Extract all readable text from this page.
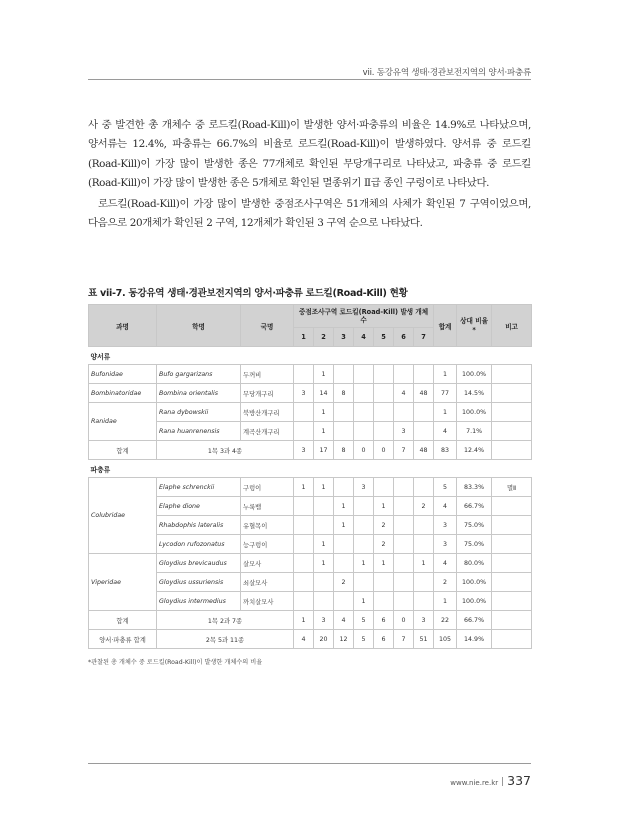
vii. 동강유역 생태·경관보전지역의 양서·파충류

사 중 발견한 총 개체수 중 로드킬(Road-Kill)이 발생한 양서·파충류의 비율은 14.9%로 나타났으며, 양서류는 12.4%, 파충류는 66.7%의 비율로 로드킬(Road-Kill)이 발생하였다. 양서류 중 로드킬(Road-Kill)이 가장 많이 발생한 종은 77개체로 확인된 무당개구리로 나타났고, 파충류 중 로드킬(Road-Kill)이 가장 많이 발생한 종은 5개체로 확인된 멸종위기 Ⅱ급 종인 구렁이로 나타났다.

로드킬(Road-Kill)이 가장 많이 발생한 중점조사구역은 51개체의 사체가 확인된 7 구역이었으며, 다음으로 20개체가 확인된 2 구역, 12개체가 확인된 3 구역 순으로 나타났다.

표 vii-7. 동강유역 생태·경관보전지역의 양서·파충류 로드킬(Road-Kill) 현황
과명	학명	국명	중점조사구역 로드킬(Road-Kill) 발생 개체수							합계	상대 비율*	비고
			1	2	3	4	5	6	7			
양서류												
Bufonidae	Bufo gargarizans	두꺼비		1						1	100.0%	
Bombinatoridae	Bombina orientalis	무당개구리	3	14	8			4	48	77	14.5%	
Ranidae	Rana dybowskii	북방산개구리		1						1	100.0%	
	Rana huanrenensis	계곡산개구리		1				3		4	7.1%	
합계	1목 3과 4종		3	17	8	0	0	7	48	83	12.4%	
파충류												
Colubridae	Elaphe schrenckii	구렁이	1	1		3				5	83.3%	멸Ⅱ
	Elaphe dione	누룩뱀			1		1		2	4	66.7%	
	Rhabdophis lateralis	유혈목이			1		2			3	75.0%	
	Lycodon rufozonatus	능구렁이		1			2			3	75.0%	
Viperidae	Gloydius brevicaudus	살모사		1		1	1		1	4	80.0%	
	Gloydius ussuriensis	쇠살모사			2					2	100.0%	
	Gloydius intermedius	까치살모사				1				1	100.0%	
합계	1목 2과 7종		1	3	4	5	6	0	3	22	66.7%	
양서·파충류 합계	2목 5과 11종		4	20	12	5	6	7	51	105	14.9%	
*관찰된 총 개체수 중 로드킬(Road-Kill)이 발생한 개체수의 비율
www.nie.re.kr 337
